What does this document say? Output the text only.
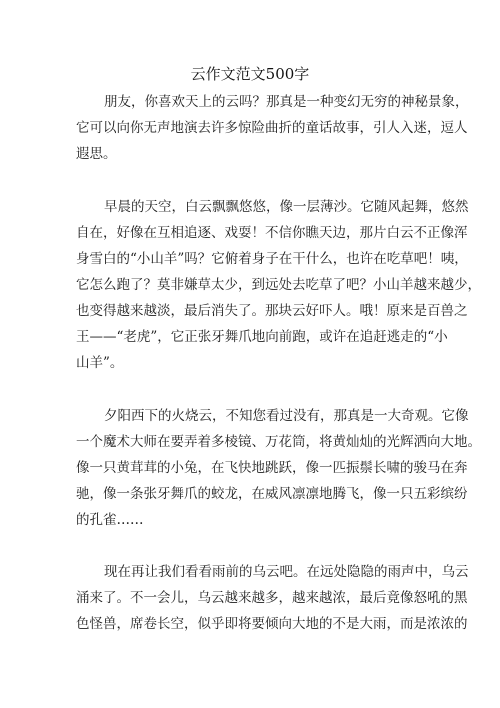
云作文范文500字
朋友，你喜欢天上的云吗？那真是一种变幻无穷的神秘景象，
它可以向你无声地演去许多惊险曲折的童话故事，引人入迷，逗人
遐思。
早晨的天空，白云飘飘悠悠，像一层薄沙。它随风起舞，悠然
自在，好像在互相追逐、戏耍！不信你瞧天边，那片白云不正像浑
身雪白的“小山羊”吗？它俯着身子在干什么，也许在吃草吧！咦，
它怎么跑了？莫非嫌草太少，到远处去吃草了吧？小山羊越来越少，
也变得越来越淡，最后消失了。那块云好吓人。哦！原来是百兽之
王——“老虎”，它正张牙舞爪地向前跑，或许在追赶逃走的“小
山羊”。
夕阳西下的火烧云，不知您看过没有，那真是一大奇观。它像
一个魔术大师在要弄着多棱镜、万花筒，将黄灿灿的光辉洒向大地。
像一只黄茸茸的小兔，在飞快地跳跃，像一匹振鬃长啸的骏马在奔
驰，像一条张牙舞爪的蛟龙，在威风凛凛地腾飞，像一只五彩缤纷
的孔雀……
现在再让我们看看雨前的乌云吧。在远处隐隐的雨声中，乌云
涌来了。不一会儿，乌云越来越多，越来越浓，最后竟像怒吼的黑
色怪兽，席卷长空，似乎即将要倾向大地的不是大雨，而是浓浓的
